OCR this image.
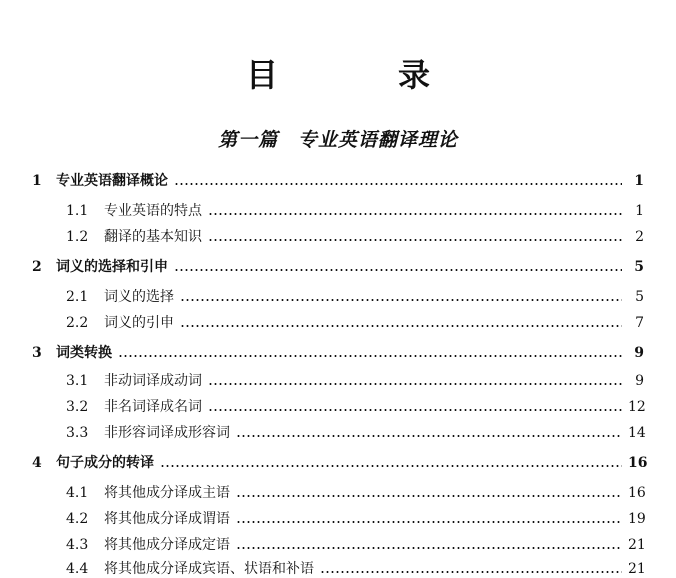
目　录
第一篇 专业英语翻译理论
1	专业英语翻译概论	1
1.1	专业英语的特点	1
1.2	翻译的基本知识	2
2	词义的选择和引申	5
2.1	词义的选择	5
2.2	词义的引申	7
3	词类转换	9
3.1	非动词译成动词	9
3.2	非名词译成名词	12
3.3	非形容词译成形容词	14
4	句子成分的转译	16
4.1	将其他成分译成主语	16
4.2	将其他成分译成谓语	19
4.3	将其他成分译成定语	21
4.4	将其他成分译成宾语、状语和补语	21
